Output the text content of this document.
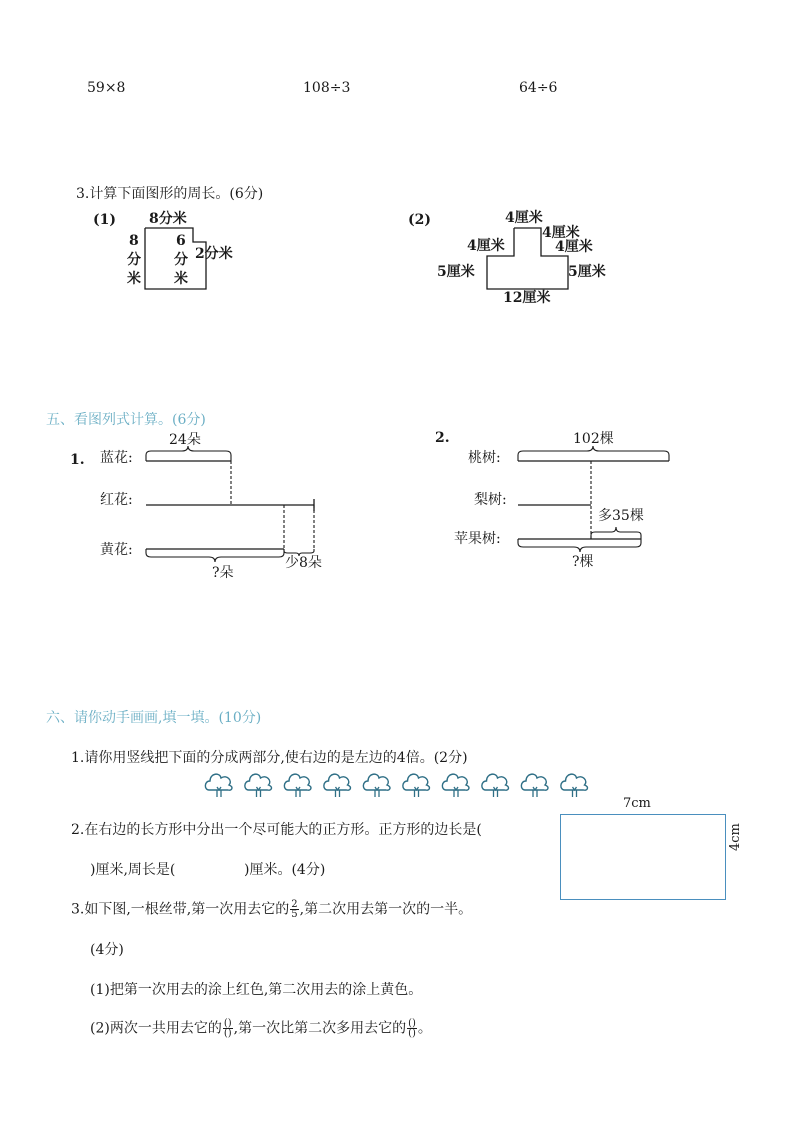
59×8	108÷3	64÷6
3.计算下面图形的周长。(6分)
(1) 8分米
8
分
米
6
分
米
2分米
(2)	4厘米
4厘米
4厘米
4厘米
5厘米	5厘米
12厘米
五、看图列式计算。(6分)
1. 蓝花:
红花:
黄花:
24朵
少8朵
?朵
2.
桃树:
梨树:
苹果树:
102棵
多35棵
?棵
六、请你动手画画,填一填。(10分)
1.请你用竖线把下面的分成两部分,使右边的是左边的4倍。(2分)
2.在右边的长方形中分出一个尽可能大的正方形。正方形的边长是(
)厘米,周长是(	)厘米。(4分)
7cm
4cm
3.如下图,一根丝带,第一次用去它的 $\frac{2}{5}$ ,第二次用去第一次的一半。
(4分)
(1)把第一次用去的涂上红色,第二次用去的涂上黄色。
(2)两次一共用去它的 $\frac{()}{()}$ ,第一次比第二次多用去它的 $\frac{()}{()}$ 。
